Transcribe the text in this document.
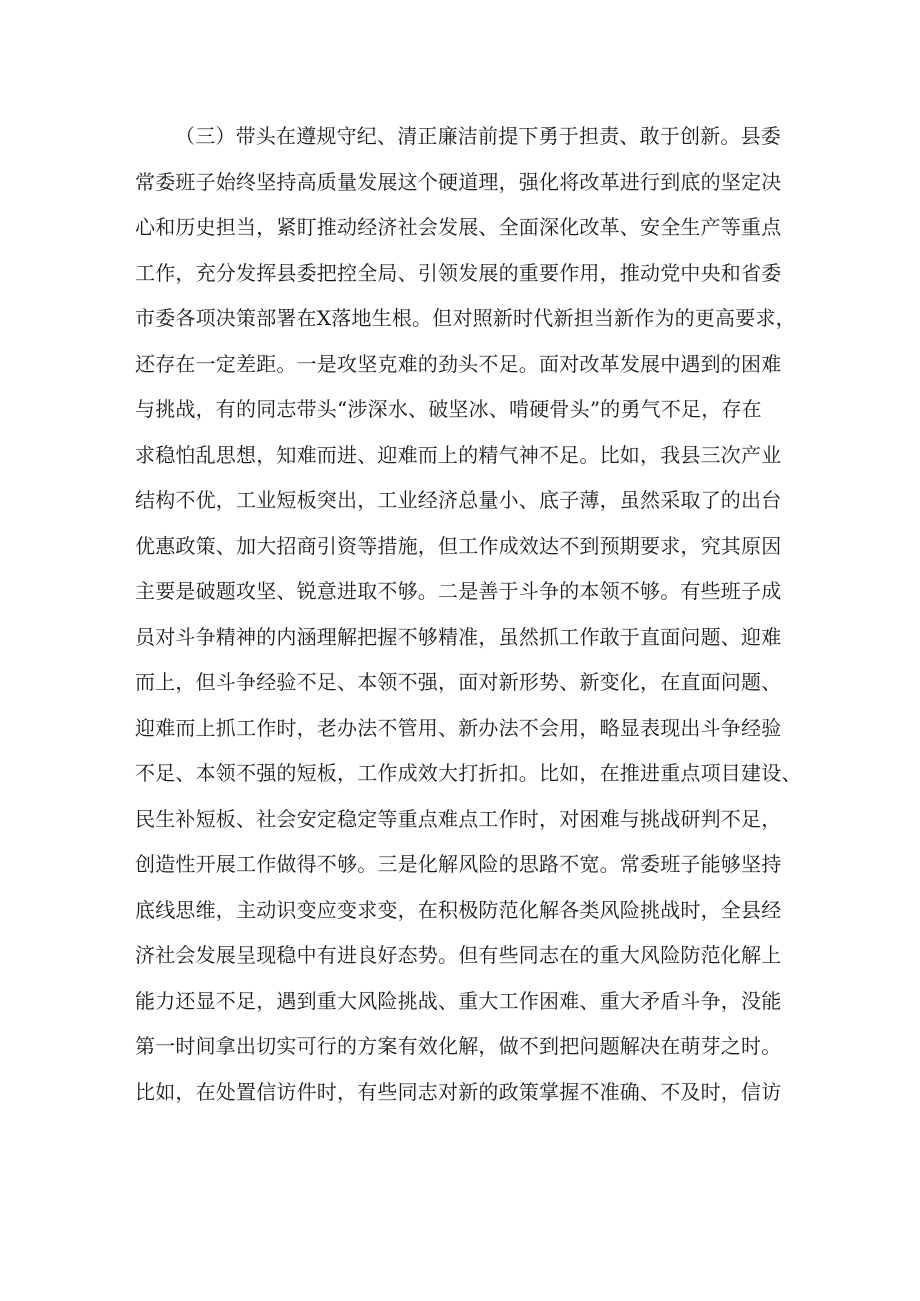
（三）带头在遵规守纪、清正廉洁前提下勇于担责、敢于创新。县委
常委班子始终坚持高质量发展这个硬道理，强化将改革进行到底的坚定决
心和历史担当，紧盯推动经济社会发展、全面深化改革、安全生产等重点
工作，充分发挥县委把控全局、引领发展的重要作用，推动党中央和省委
市委各项决策部署在X落地生根。但对照新时代新担当新作为的更高要求，
还存在一定差距。一是攻坚克难的劲头不足。面对改革发展中遇到的困难
与挑战，有的同志带头“涉深水、破坚冰、啃硬骨头”的勇气不足，存在
求稳怕乱思想，知难而进、迎难而上的精气神不足。比如，我县三次产业
结构不优，工业短板突出，工业经济总量小、底子薄，虽然采取了的出台
优惠政策、加大招商引资等措施，但工作成效达不到预期要求，究其原因
主要是破题攻坚、锐意进取不够。二是善于斗争的本领不够。有些班子成
员对斗争精神的内涵理解把握不够精准，虽然抓工作敢于直面问题、迎难
而上，但斗争经验不足、本领不强，面对新形势、新变化，在直面问题、
迎难而上抓工作时，老办法不管用、新办法不会用，略显表现出斗争经验
不足、本领不强的短板，工作成效大打折扣。比如，在推进重点项目建设、
民生补短板、社会安定稳定等重点难点工作时，对困难与挑战研判不足，
创造性开展工作做得不够。三是化解风险的思路不宽。常委班子能够坚持
底线思维，主动识变应变求变，在积极防范化解各类风险挑战时，全县经
济社会发展呈现稳中有进良好态势。但有些同志在的重大风险防范化解上
能力还显不足，遇到重大风险挑战、重大工作困难、重大矛盾斗争，没能
第一时间拿出切实可行的方案有效化解，做不到把问题解决在萌芽之时。
比如，在处置信访件时，有些同志对新的政策掌握不准确、不及时，信访
